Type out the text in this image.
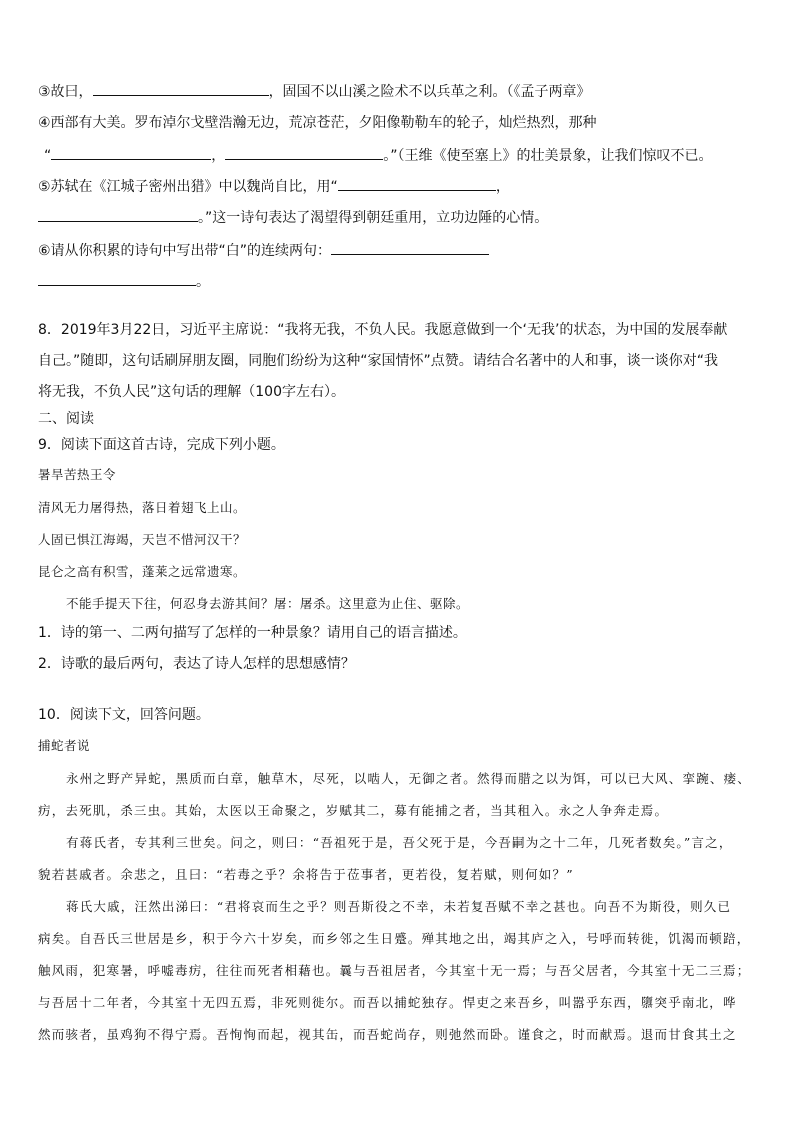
③故曰，	，固国不以山溪之险术不以兵革之利。（《孟子两章》
④西部有大美。罗布淖尔戈壁浩瀚无边，荒凉苍茫，夕阳像勒勒车的轮子，灿烂热烈，那种
“	，	。”（王维《使至塞上》的壮美景象，让我们惊叹不已。
⑤苏轼在《江城子密州出猎》中以魏尚自比，用“	，
。”这一诗句表达了渴望得到朝廷重用，立功边陲的心情。
⑥请从你积累的诗句中写出带“白”的连续两句：
。
8．2019年3月22日，习近平主席说：“我将无我，不负人民。我愿意做到一个‘无我’的状态，为中国的发展奉献
自己。”随即，这句话刷屏朋友圈，同胞们纷纷为这种“家国情怀”点赞。请结合名著中的人和事，谈一谈你对“我
将无我，不负人民”这句话的理解（100字左右）。
二、阅读
9．阅读下面这首古诗，完成下列小题。
暑旱苦热王令
清风无力屠得热，落日着翅飞上山。
人固已惧江海竭，天岂不惜河汉干？
昆仑之高有积雪，蓬莱之远常遗寒。
不能手提天下往，何忍身去游其间？屠：屠杀。这里意为止住、驱除。
1．诗的第一、二两句描写了怎样的一种景象？请用自己的语言描述。
2．诗歌的最后两句，表达了诗人怎样的思想感情？
10．阅读下文，回答问题。
捕蛇者说
永州之野产异蛇，黑质而白章，触草木，尽死，以啮人，无御之者。然得而腊之以为饵，可以已大风、挛踠、瘘、
疠，去死肌，杀三虫。其始，太医以王命聚之，岁赋其二，募有能捕之者，当其租入。永之人争奔走焉。
有蒋氏者，专其利三世矣。问之，则曰：“吾祖死于是，吾父死于是，今吾嗣为之十二年，几死者数矣。”言之，
貌若甚戚者。余悲之，且曰：“若毒之乎？余将告于莅事者，更若役，复若赋，则何如？”
蒋氏大戚，汪然出涕曰：“君将哀而生之乎？则吾斯役之不幸，未若复吾赋不幸之甚也。向吾不为斯役，则久已
病矣。自吾氏三世居是乡，积于今六十岁矣，而乡邻之生日蹙。殚其地之出，竭其庐之入，号呼而转徙，饥渴而顿踣，
触风雨，犯寒暑，呼嘘毒疠，往往而死者相藉也。曩与吾祖居者，今其室十无一焉；与吾父居者，今其室十无二三焉；
与吾居十二年者，今其室十无四五焉，非死则徙尔。而吾以捕蛇独存。悍吏之来吾乡，叫嚣乎东西，隳突乎南北，哗
然而骇者，虽鸡狗不得宁焉。吾恂恂而起，视其缶，而吾蛇尚存，则弛然而卧。谨食之，时而献焉。退而甘食其土之
